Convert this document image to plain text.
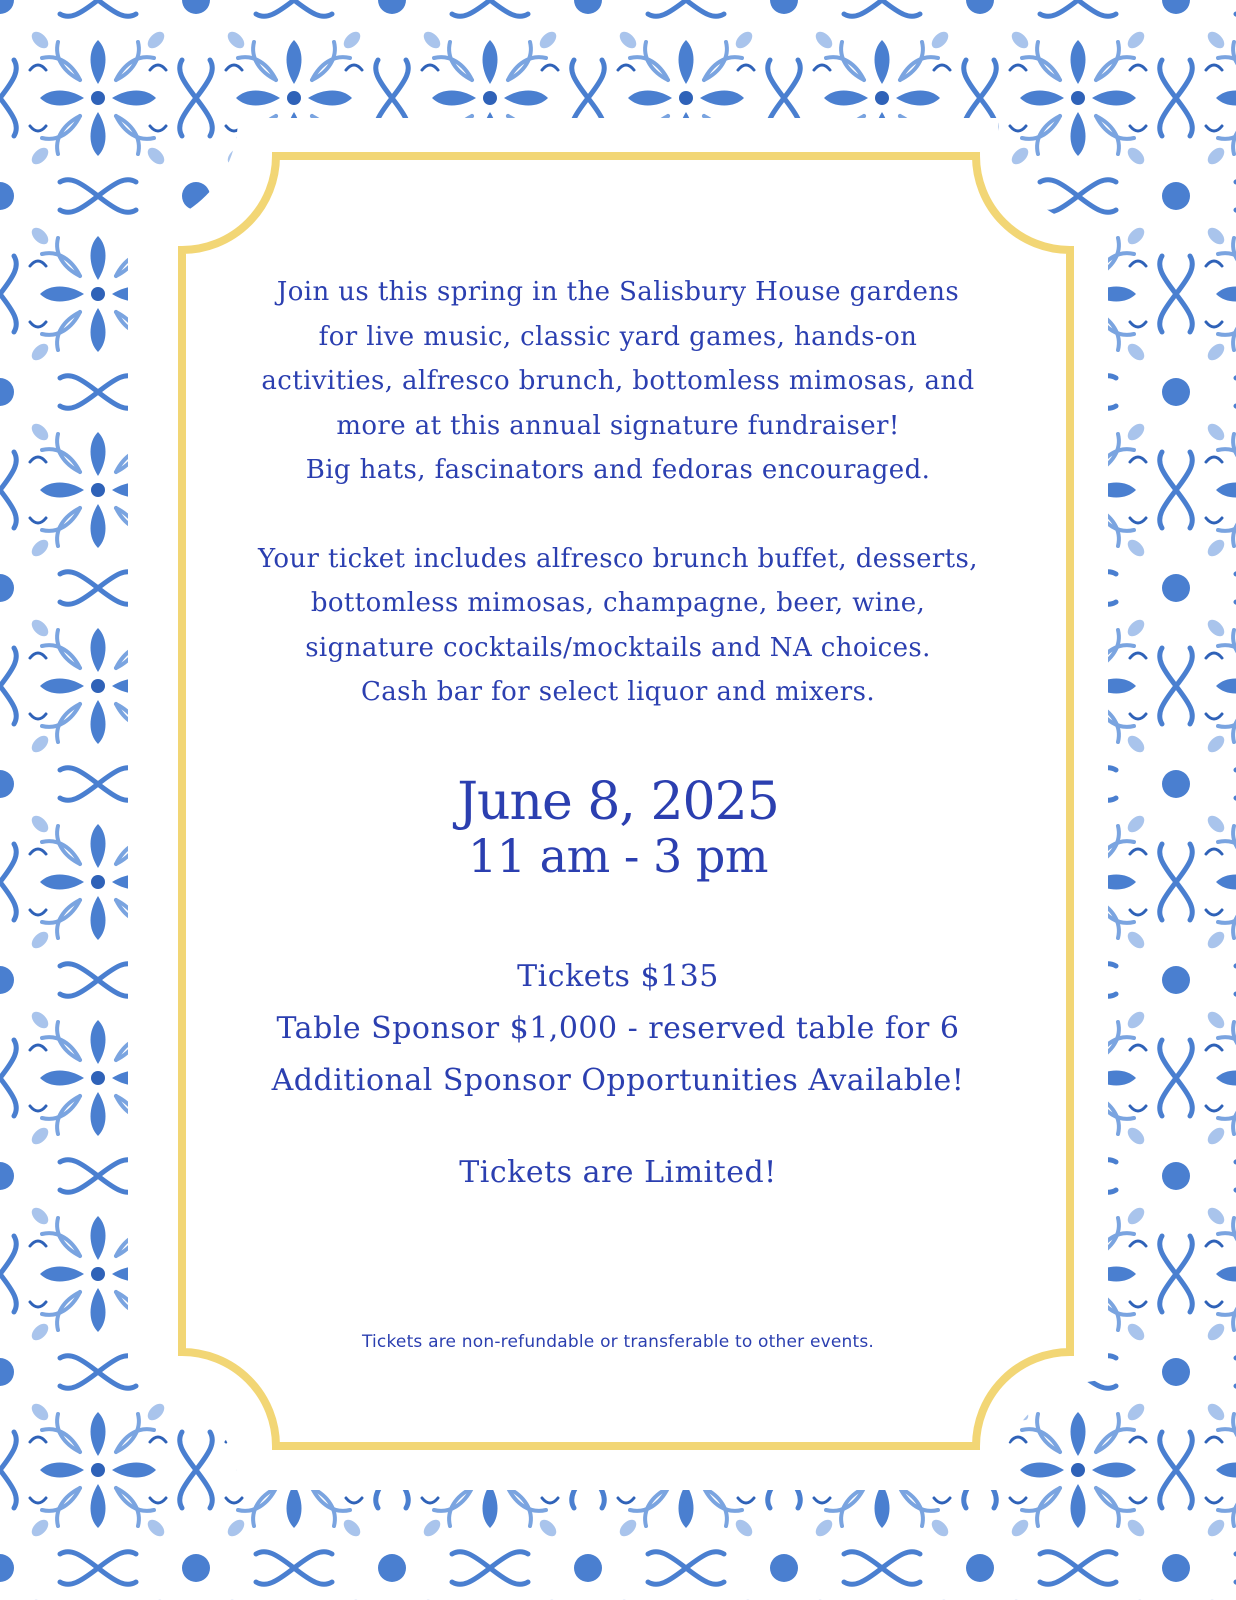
Join us this spring in the Salisbury House gardens
for live music, classic yard games, hands-on
activities, alfresco brunch, bottomless mimosas, and
more at this annual signature fundraiser!
Big hats, fascinators and fedoras encouraged.
Your ticket includes alfresco brunch buffet, desserts,
bottomless mimosas, champagne, beer, wine,
signature cocktails/mocktails and NA choices.
Cash bar for select liquor and mixers.
June 8, 2025
11 am - 3 pm
Tickets $135
Table Sponsor $1,000 - reserved table for 6
Additional Sponsor Opportunities Available!
Tickets are Limited!
Tickets are non-refundable or transferable to other events.
